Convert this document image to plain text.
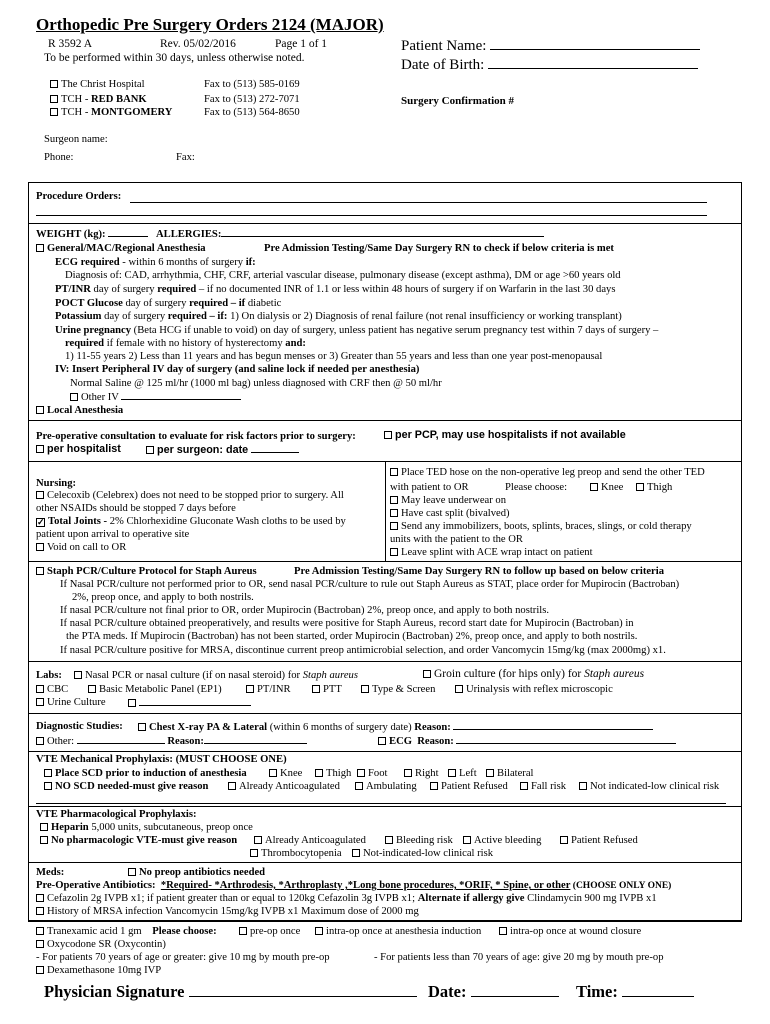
Orthopedic Pre Surgery Orders 2124 (MAJOR)
R 3592 A	Rev. 05/02/2016	Page 1 of 1
To be performed within 30 days, unless otherwise noted.
Patient Name:
Date of Birth:
The Christ Hospital	Fax to (513) 585-0169
TCH - RED BANK	Fax to (513) 272-7071
TCH - MONTGOMERY	Fax to (513) 564-8650
Surgery Confirmation #
Surgeon name:
Phone:	Fax:
Procedure Orders:
WEIGHT (kg):	ALLERGIES:
General/MAC/Regional Anesthesia	Pre Admission Testing/Same Day Surgery RN to check if below criteria is met
ECG required - within 6 months of surgery if:
Diagnosis of: CAD, arrhythmia, CHF, CRF, arterial vascular disease, pulmonary disease (except asthma), DM or age >60 years old
PT/INR day of surgery required – if no documented INR of 1.1 or less within 48 hours of surgery if on Warfarin in the last 30 days
POCT Glucose day of surgery required – if diabetic
Potassium day of surgery required – if: 1) On dialysis or 2) Diagnosis of renal failure (not renal insufficiency or working transplant)
Urine pregnancy (Beta HCG if unable to void) on day of surgery, unless patient has negative serum pregnancy test within 7 days of surgery –
required if female with no history of hysterectomy and:
1) 11-55 years 2) Less than 11 years and has begun menses or 3) Greater than 55 years and less than one year post-menopausal
IV: Insert Peripheral IV day of surgery (and saline lock if needed per anesthesia)
Normal Saline @ 125 ml/hr (1000 ml bag) unless diagnosed with CRF then @ 50 ml/hr
Other IV
Local Anesthesia
Pre-operative consultation to evaluate for risk factors prior to surgery:	per PCP, may use hospitalists if not available
per hospitalist	per surgeon: date
Nursing:
Celecoxib (Celebrex) does not need to be stopped prior to surgery. All
other NSAIDs should be stopped 7 days before
✓ Total Joints - 2% Chlorhexidine Gluconate Wash cloths to be used by
patient upon arrival to operative site
Void on call to OR
Place TED hose on the non-operative leg preop and send the other TED
with patient to OR	Please choose:	Knee	Thigh
May leave underwear on
Have cast split (bivalved)
Send any immobilizers, boots, splints, braces, slings, or cold therapy
units with the patient to the OR
Leave splint with ACE wrap intact on patient
Staph PCR/Culture Protocol for Staph Aureus	Pre Admission Testing/Same Day Surgery RN to follow up based on below criteria
If Nasal PCR/culture not performed prior to OR, send nasal PCR/culture to rule out Staph Aureus as STAT, place order for Mupirocin (Bactroban)
2%, preop once, and apply to both nostrils.
If nasal PCR/culture not final prior to OR, order Mupirocin (Bactroban) 2%, preop once, and apply to both nostrils.
If nasal PCR/culture obtained preoperatively, and results were positive for Staph Aureus, record start date for Mupirocin (Bactroban) in
the PTA meds. If Mupirocin (Bactroban) has not been started, order Mupirocin (Bactroban) 2%, preop once, and apply to both nostrils.
If nasal PCR/culture positive for MRSA, discontinue current preop antimicrobial selection, and order Vancomycin 15mg/kg (max 2000mg) x1.
Labs:	Nasal PCR or nasal culture (if on nasal steroid) for Staph aureus	Groin culture (for hips only) for Staph aureus
CBC	Basic Metabolic Panel (EP1)	PT/INR	PTT	Type & Screen	Urinalysis with reflex microscopic
Urine Culture
Diagnostic Studies:	Chest X-ray PA & Lateral (within 6 months of surgery date) Reason:
Other:	Reason:	ECG Reason:
VTE Mechanical Prophylaxis: (MUST CHOOSE ONE)
Place SCD prior to induction of anesthesia	Knee	Thigh	Foot	Right	Left	Bilateral
NO SCD needed-must give reason	Already Anticoagulated	Ambulating	Patient Refused	Fall risk	Not indicated-low clinical risk
VTE Pharmacological Prophylaxis:
Heparin 5,000 units, subcutaneous, preop once
No pharmacologic VTE-must give reason	Already Anticoagulated	Bleeding risk	Active bleeding	Patient Refused
Thrombocytopenia	Not-indicated-low clinical risk
Meds:	No preop antibiotics needed
Pre-Operative Antibiotics: *Required- *Arthrodesis, *Arthroplasty ,*Long bone procedures, *ORIF, * Spine, or other (CHOOSE ONLY ONE)
Cefazolin 2g IVPB x1; if patient greater than or equal to 120kg Cefazolin 3g IVPB x1; Alternate if allergy give Clindamycin 900 mg IVPB x1
History of MRSA infection Vancomycin 15mg/kg IVPB x1 Maximum dose of 2000 mg
Tranexamic acid 1 gm Please choose:	pre-op once	intra-op once at anesthesia induction	intra-op once at wound closure
Oxycodone SR (Oxycontin)
- For patients 70 years of age or greater: give 10 mg by mouth pre-op	- For patients less than 70 years of age: give 20 mg by mouth pre-op
Dexamethasone 10mg IVP
Physician Signature	Date:	Time:
